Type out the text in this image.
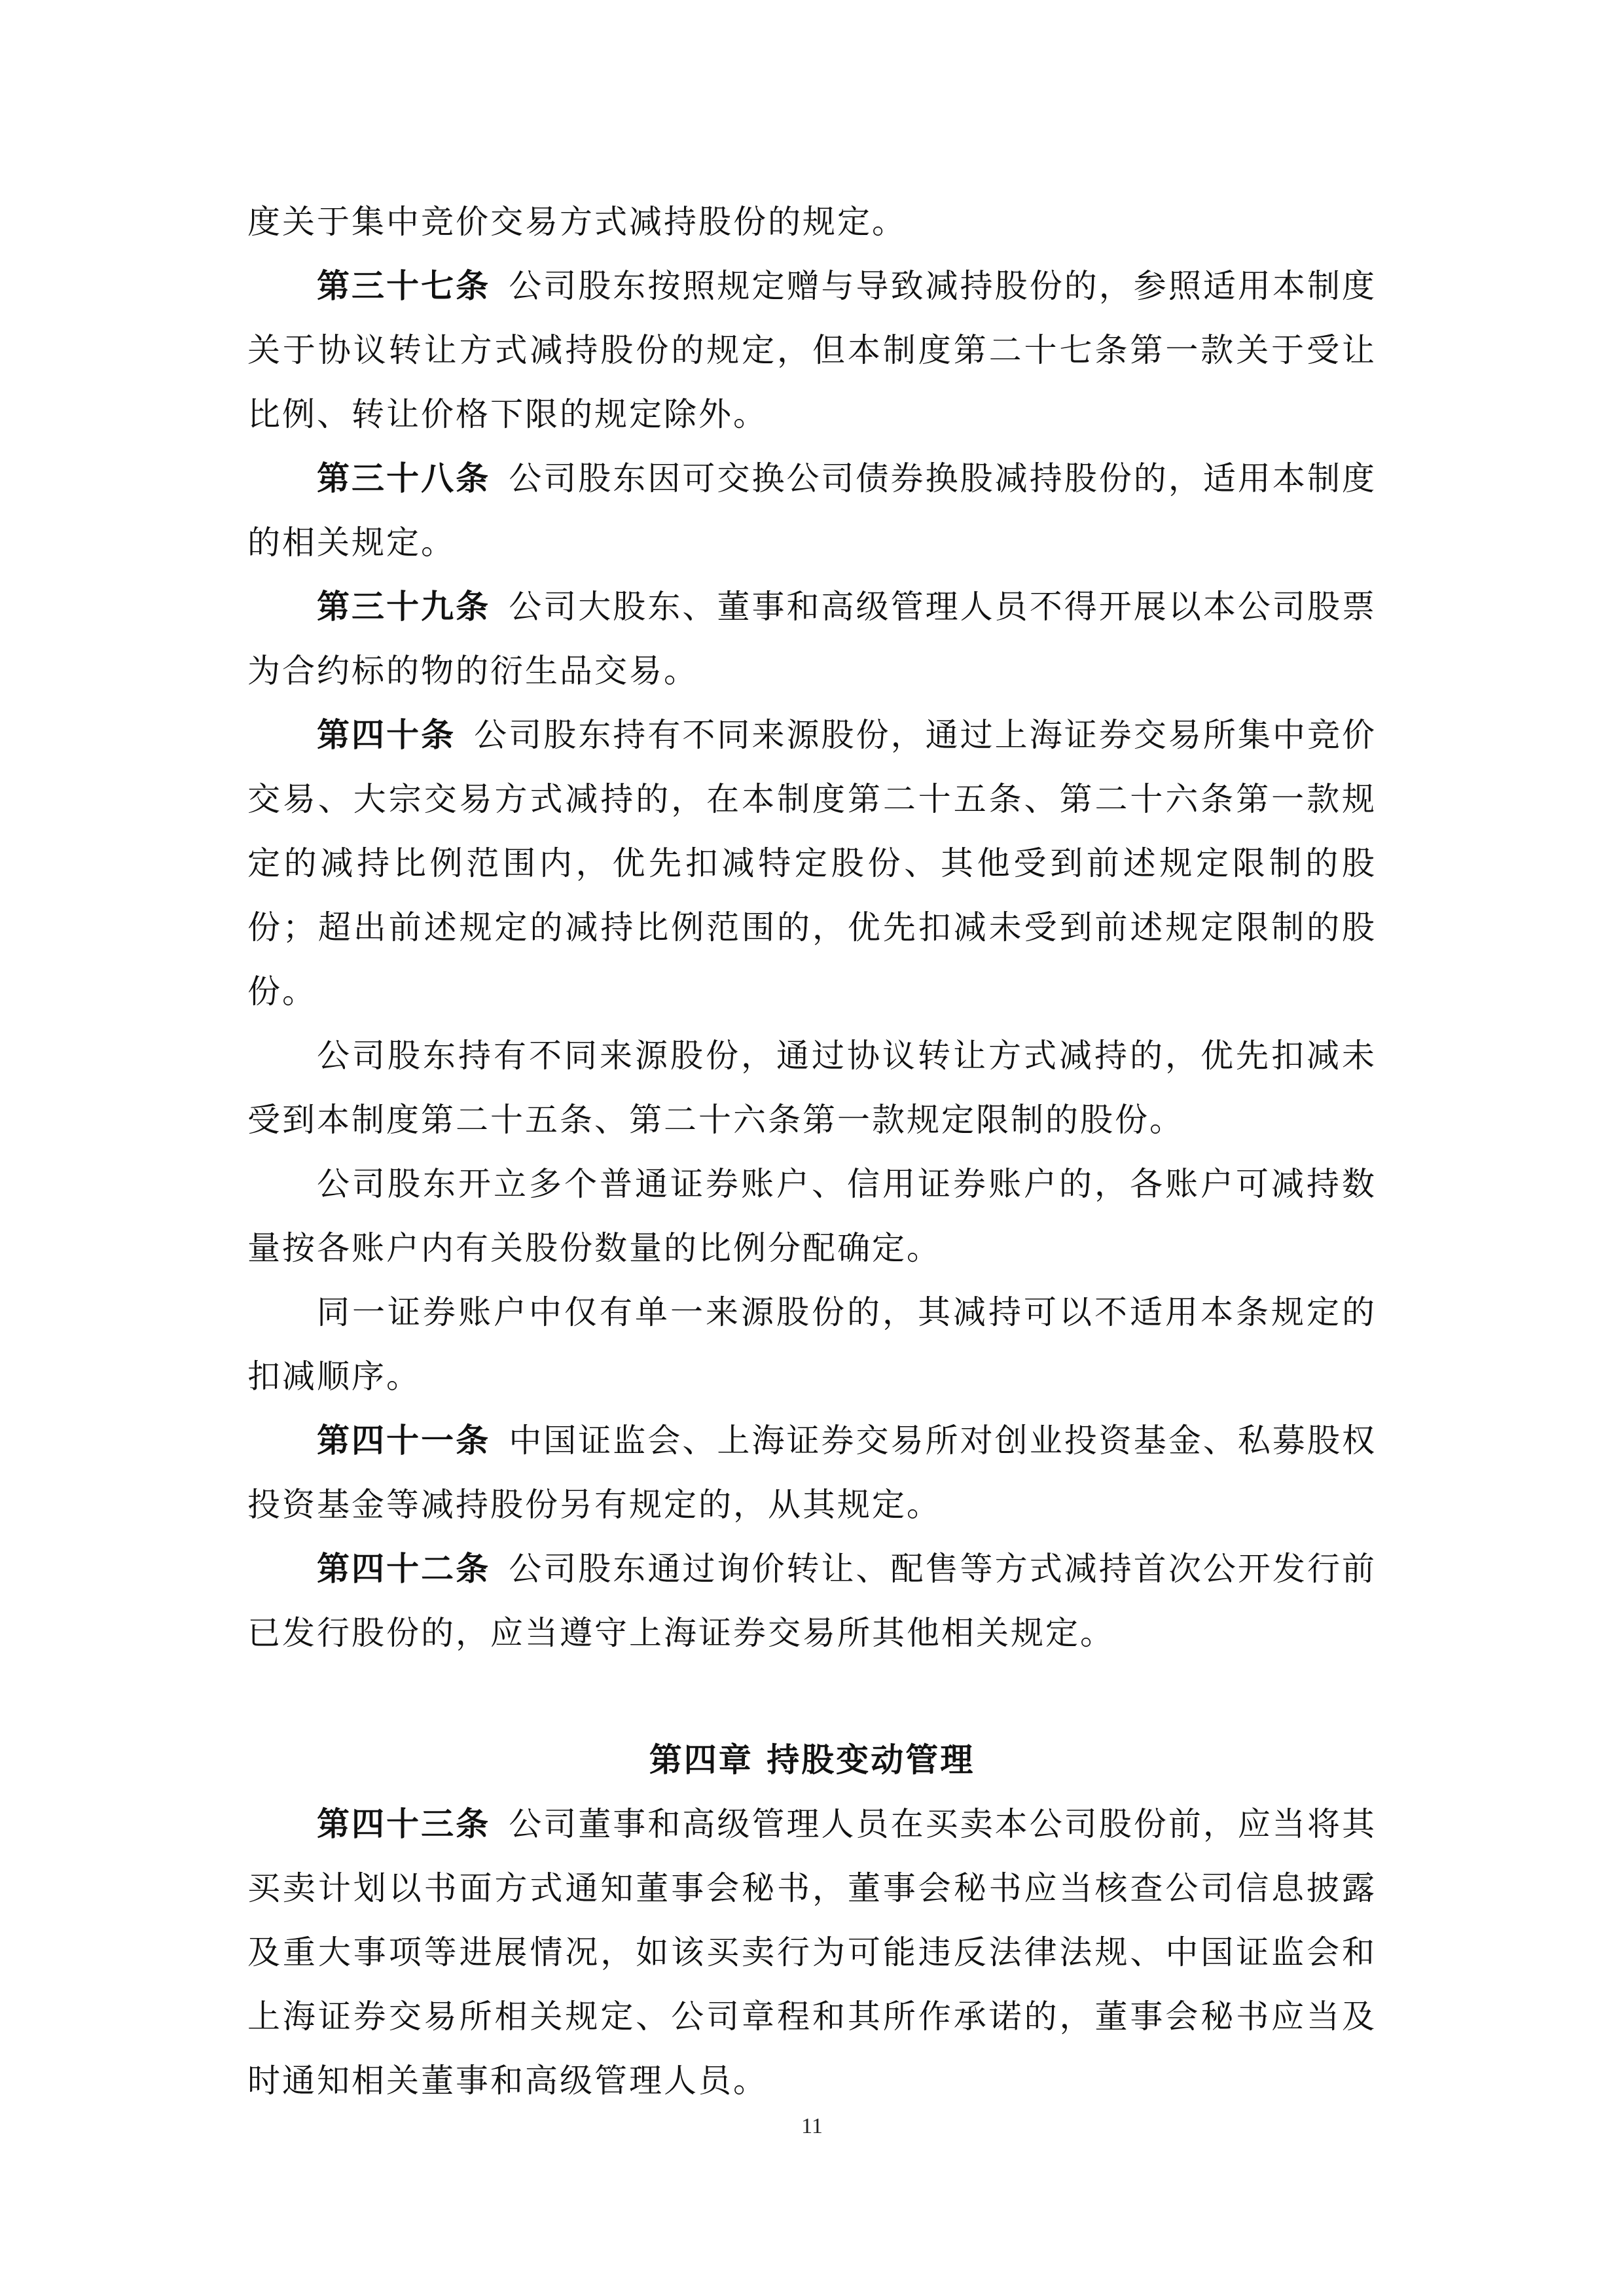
度关于集中竞价交易方式减持股份的规定。

第三十七条  公司股东按照规定赠与导致减持股份的，参照适用本制度关于协议转让方式减持股份的规定，但本制度第二十七条第一款关于受让比例、转让价格下限的规定除外。

第三十八条  公司股东因可交换公司债券换股减持股份的，适用本制度的相关规定。

第三十九条  公司大股东、董事和高级管理人员不得开展以本公司股票为合约标的物的衍生品交易。

第四十条  公司股东持有不同来源股份，通过上海证券交易所集中竞价交易、大宗交易方式减持的，在本制度第二十五条、第二十六条第一款规定的减持比例范围内，优先扣减特定股份、其他受到前述规定限制的股份；超出前述规定的减持比例范围的，优先扣减未受到前述规定限制的股份。

公司股东持有不同来源股份，通过协议转让方式减持的，优先扣减未受到本制度第二十五条、第二十六条第一款规定限制的股份。

公司股东开立多个普通证券账户、信用证券账户的，各账户可减持数量按各账户内有关股份数量的比例分配确定。

同一证券账户中仅有单一来源股份的，其减持可以不适用本条规定的扣减顺序。

第四十一条  中国证监会、上海证券交易所对创业投资基金、私募股权投资基金等减持股份另有规定的，从其规定。

第四十二条  公司股东通过询价转让、配售等方式减持首次公开发行前已发行股份的，应当遵守上海证券交易所其他相关规定。

第四章 持股变动管理

第四十三条  公司董事和高级管理人员在买卖本公司股份前，应当将其买卖计划以书面方式通知董事会秘书，董事会秘书应当核查公司信息披露及重大事项等进展情况，如该买卖行为可能违反法律法规、中国证监会和上海证券交易所相关规定、公司章程和其所作承诺的，董事会秘书应当及时通知相关董事和高级管理人员。

11
